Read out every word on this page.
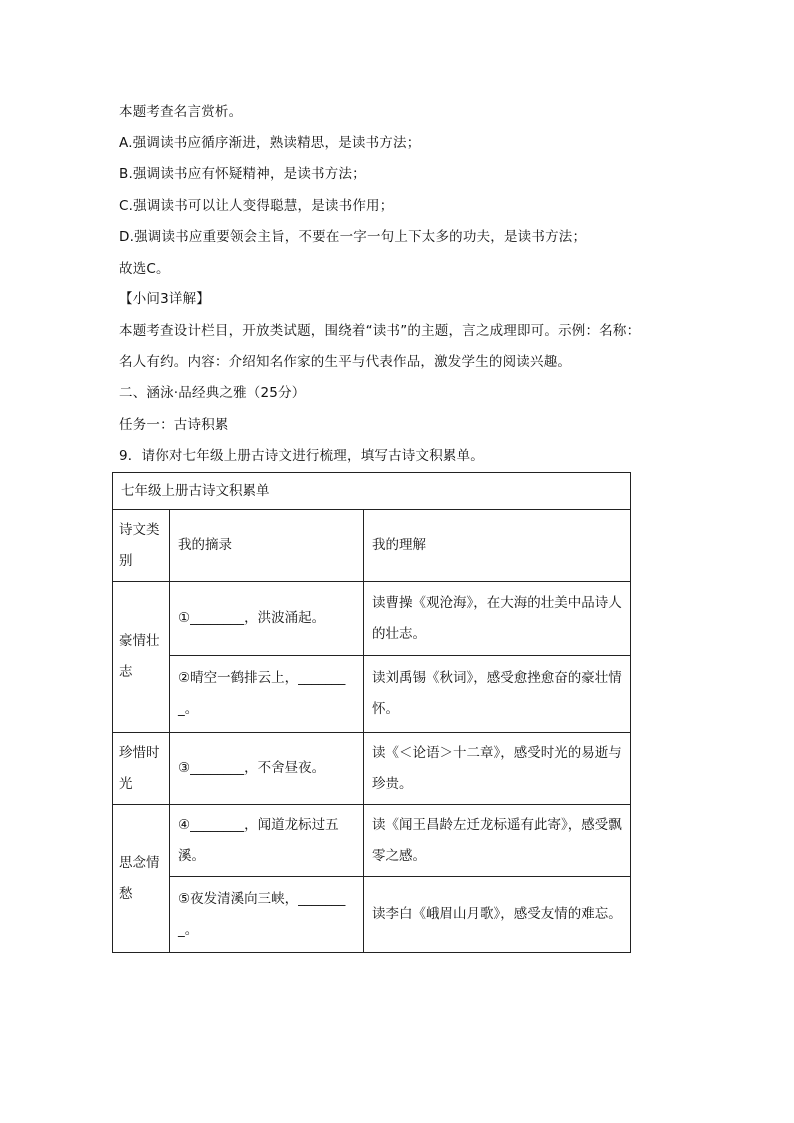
本题考查名言赏析。
A.强调读书应循序渐进，熟读精思，是读书方法；
B.强调读书应有怀疑精神，是读书方法；
C.强调读书可以让人变得聪慧，是读书作用；
D.强调读书应重要领会主旨，不要在一字一句上下太多的功夫，是读书方法；
故选C。
【小问3详解】
本题考查设计栏目，开放类试题，围绕着“读书”的主题，言之成理即可。示例：名称：
名人有约。内容：介绍知名作家的生平与代表作品，激发学生的阅读兴趣。
二、涵泳·品经典之雅（25分）
任务一：古诗积累
9．请你对七年级上册古诗文进行梳理，填写古诗文积累单。
七年级上册古诗文积累单		
诗文类别	我的摘录	我的理解
豪情壮志	①________，洪波涌起。	读曹操《观沧海》，在大海的壮美中品诗人的壮志。
	②晴空一鹤排云上，________。	读刘禹锡《秋词》，感受愈挫愈奋的豪壮情怀。
珍惜时光	③________，不舍昼夜。	读《＜论语＞十二章》，感受时光的易逝与珍贵。
思念情愁	④________，闻道龙标过五溪。	读《闻王昌龄左迁龙标遥有此寄》，感受飘零之感。
	⑤夜发清溪向三峡，________。	读李白《峨眉山月歌》，感受友情的难忘。
